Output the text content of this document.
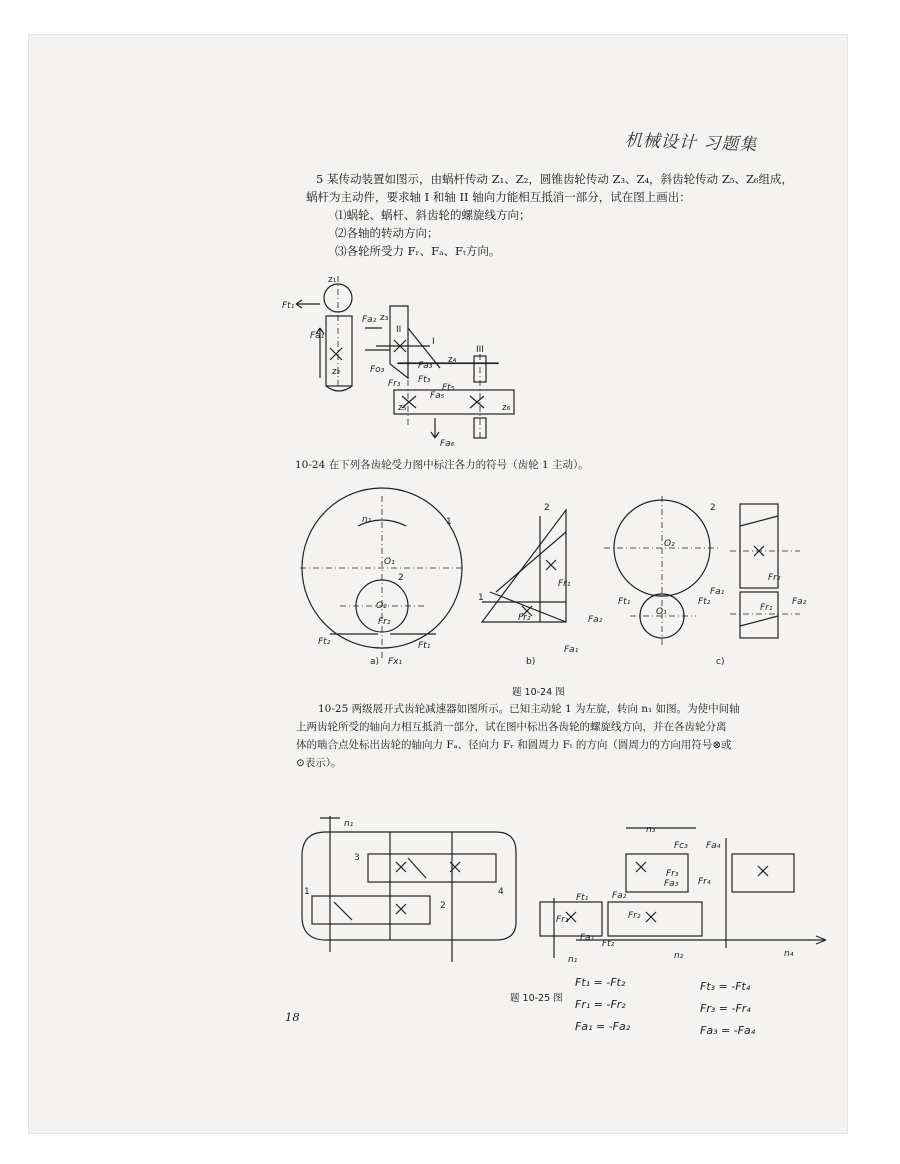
机械设计 习题集
5 某传动装置如图示，由蜗杆传动 Z₁、Z₂，圆锥齿轮传动 Z₃、Z₄，斜齿轮传动 Z₅、Z₆组成，
蜗杆为主动件，要求轴 I 和轴 II 轴向力能相互抵消一部分，试在图上画出：
⑴蜗轮、蜗杆、斜齿轮的螺旋线方向；
⑵各轴的转动方向；
⑶各轮所受力 Fᵣ、Fₐ、Fₜ方向。
z₁
z₂
z₃
z₄
z₅	z₆
I
II
III
Ft₁
Fa₂
Fa₁
Fa₃
Fo₃
Fr₃ Ft₃
Fa₅
Ft₅
Fa₆
10-24 在下列各齿轮受力图中标注各力的符号（齿轮 1 主动）。
n₁	1
2
O₁
O₂
Fr₂
Ft₂	Ft₁
a) Fx₁
2
1
Fr₁
Fr₂	Fa₂
Fa₁
b)
O₂
O₁
Ft₁	Ft₂
2
c)
Fr₂
Fa₁
Fa₂
Fr₁
题 10-24 图
10-25 两级展开式齿轮减速器如图所示。已知主动轮 1 为左旋，转向 n₁ 如图。为使中间轴
上两齿轮所受的轴向力相互抵消一部分，试在图中标出各齿轮的螺旋线方向，并在各齿轮分离
体的啮合点处标出齿轮的轴向力 Fₐ、径向力 Fᵣ 和圆周力 Fₜ 的方向（圆周力的方向用符号⊗或
⊙表示）。
n₁
3
4
1
2
n₃
n₁	n₂	n₄
Ft₁	Fa₂
Fa₁
Ft₂
Fr₁	Fr₂
Fc₃ Fa₄
Fa₃
Fr₃
Fr₄
题 10-25 图
Ft₁ = -Ft₂
Fr₁ = -Fr₂
Fa₁ = -Fa₂
Ft₃ = -Ft₄
Fr₃ = -Fr₄
Fa₃ = -Fa₄
18
